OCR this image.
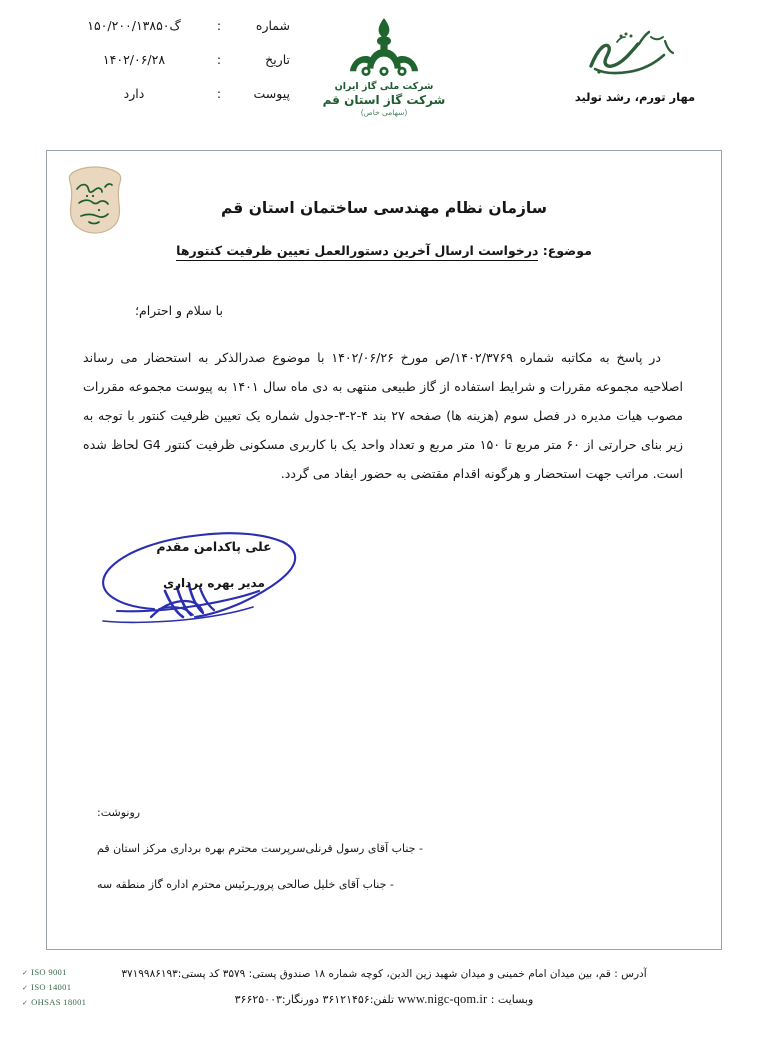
شماره
:
گ۱۵۰/۲۰۰/۱۳۸۵۰
تاریخ
:
۱۴۰۲/۰۶/۲۸
پیوست
:
دارد	شرکت ملی گاز ایران
شرکت گاز استان قم
(سهامی خاص)
مهار تورم، رشد تولید
سازمان نظام مهندسی ساختمان استان قم
موضوع: درخواست ارسال آخرین دستورالعمل تعیین ظرفیت کنتورها
با سلام و احترام؛

در پاسخ به مکاتبه شماره ۱۴۰۲/۳۷۶۹/ص مورخ ۱۴۰۲/۰۶/۲۶ با موضوع صدرالذکر به استحضار می رساند اصلاحیه مجموعه مقررات و شرایط استفاده از گاز طبیعی منتهی به دی ماه سال ۱۴۰۱ به پیوست مجموعه مقررات مصوب هیات مدیره در فصل سوم (هزینه ها) صفحه ۲۷ بند ۴-۲-۳-جدول شماره یک تعیین ظرفیت کنتور با توجه به زیر بنای حرارتی از ۶۰ متر مربع تا ۱۵۰ متر مربع و تعداد واحد یک با کاربری مسکونی ظرفیت کنتور G4 لحاظ شده است. مراتب جهت استحضار و هرگونه اقدام مقتضی به حضور ایفاد می گردد.

علی پاکدامن مقدم
مدیر بهره برداری
رونوشت:
- جناب آقای رسول قرنلی‌سرپرست محترم بهره برداری مرکز استان قم
- جناب آقای خلیل صالحی پرورـرئیس محترم اداره گاز منطقه سه
آدرس : قم، بین میدان امام خمینی و میدان شهید زین الدین، کوچه شماره ۱۸ صندوق پستی: ۳۵۷۹ کد پستی:۳۷۱۹۹۸۶۱۹۳
وبسایت : www.nigc-qom.ir تلفن:۳۶۱۲۱۴۵۶ دورنگار:۳۶۶۲۵۰۰۳
✓ ISO 9001
✓ ISO 14001
✓ OHSAS 18001
